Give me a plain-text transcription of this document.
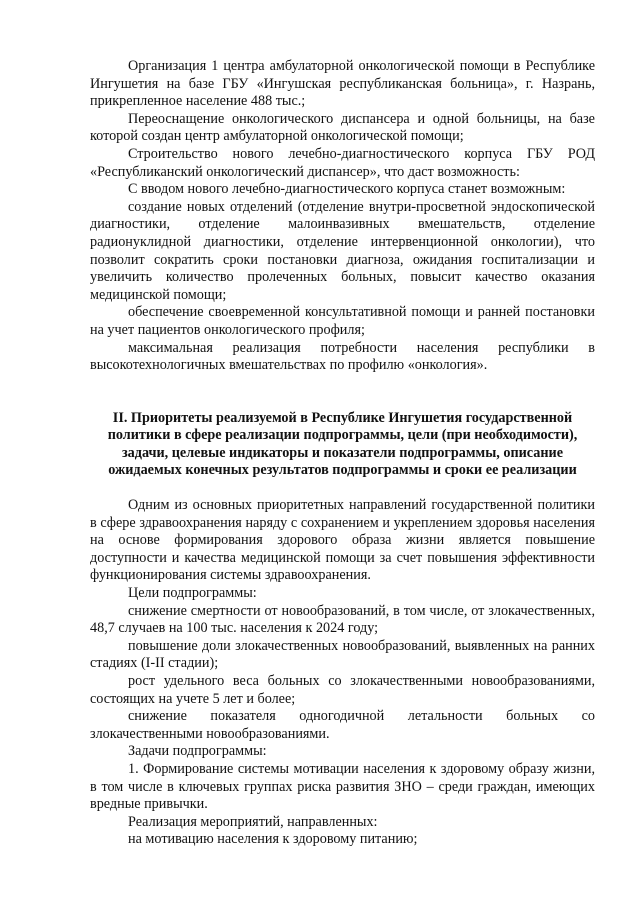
Организация 1 центра амбулаторной онкологической помощи в Республике Ингушетия на базе ГБУ «Ингушская республиканская больница», г. Назрань, прикрепленное население 488 тыс.;

Переоснащение онкологического диспансера и одной больницы, на базе которой создан центр амбулаторной онкологической помощи;

Строительство нового лечебно-диагностического корпуса ГБУ РОД «Республиканский онкологический диспансер», что даст возможность:

С вводом нового лечебно-диагностического корпуса станет возможным:

создание новых отделений (отделение внутри-просветной эндоскопической диагностики, отделение малоинвазивных вмешательств, отделение радионуклидной диагностики, отделение интервенционной онкологии), что позволит сократить сроки постановки диагноза, ожидания госпитализации и увеличить количество пролеченных больных, повысит качество оказания медицинской помощи;

обеспечение своевременной консультативной помощи и ранней постановки на учет пациентов онкологического профиля;

максимальная реализация потребности населения республики в высокотехнологичных вмешательствах по профилю «онкология».

II. Приоритеты реализуемой в Республике Ингушетия государственной политики в сфере реализации подпрограммы, цели (при необходимости), задачи, целевые индикаторы и показатели подпрограммы, описание ожидаемых конечных результатов подпрограммы и сроки ее реализации

Одним из основных приоритетных направлений государственной политики в сфере здравоохранения наряду с сохранением и укреплением здоровья населения на основе формирования здорового образа жизни является повышение доступности и качества медицинской помощи за счет повышения эффективности функционирования системы здравоохранения.

Цели подпрограммы:

снижение смертности от новообразований, в том числе, от злокачественных, 48,7 случаев на 100 тыс. населения к 2024 году;

повышение доли злокачественных новообразований, выявленных на ранних стадиях (I-II стадии);

рост удельного веса больных со злокачественными новообразованиями, состоящих на учете 5 лет и более;

снижение показателя одногодичной летальности больных со злокачественными новообразованиями.

Задачи подпрограммы:

1. Формирование системы мотивации населения к здоровому образу жизни, в том числе в ключевых группах риска развития ЗНО – среди граждан, имеющих вредные привычки.

Реализация мероприятий, направленных:

на мотивацию населения к здоровому питанию;
